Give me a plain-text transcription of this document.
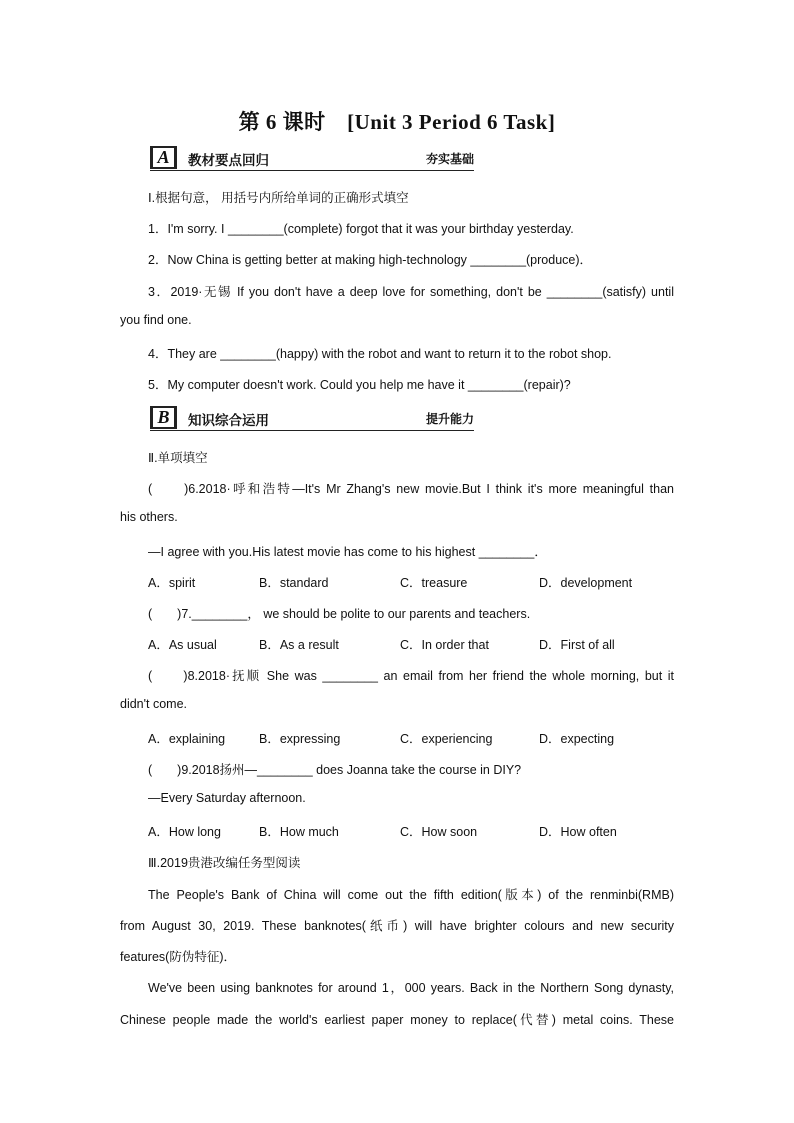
第 6 课时　[Unit 3 Period 6 Task]
A	教材要点回归	夯实基础
Ⅰ.根据句意， 用括号内所给单词的正确形式填空
1．I'm sorry. I ________(complete) forgot that it was your birthday yesterday.
2．Now China is getting better at making high-technology ________(produce)．
3．2019·无锡 If you don't have a deep love for something, don't be ________(satisfy) until
you find one.
4．They are ________(happy) with the robot and want to return it to the robot shop.
5．My computer doesn't work. Could you help me have it ________(repair)?
B	知识综合运用	提升能力
Ⅱ.单项填空
(　　)6.2018·呼和浩特—It's Mr Zhang's new movie.But I think it's more meaningful than
his others.
—I agree with you.His latest movie has come to his highest ________．
A．spirit	B．standard	C．treasure	D．development
(　　)7.________， we should be polite to our parents and teachers.
A．As usual	B．As a result	C．In order that	D．First of all
(　　)8.2018·抚顺 She was ________ an email from her friend the whole morning, but it
didn't come.
A．explaining	B．expressing	C．experiencing	D．expecting
(　　)9.2018扬州—________ does Joanna take the course in DIY?
—Every Saturday afternoon.
A．How long	B．How much	C．How soon	D．How often
Ⅲ.2019贵港改编任务型阅读
The People's Bank of China will come out the fifth edition(版本) of the renminbi(RMB)
from August 30, 2019. These banknotes(纸币) will have brighter colours and new security
features(防伪特征)．
We've been using banknotes for around 1，000 years. Back in the Northern Song dynasty,
Chinese people made the world's earliest paper money to replace(代替) metal coins. These
